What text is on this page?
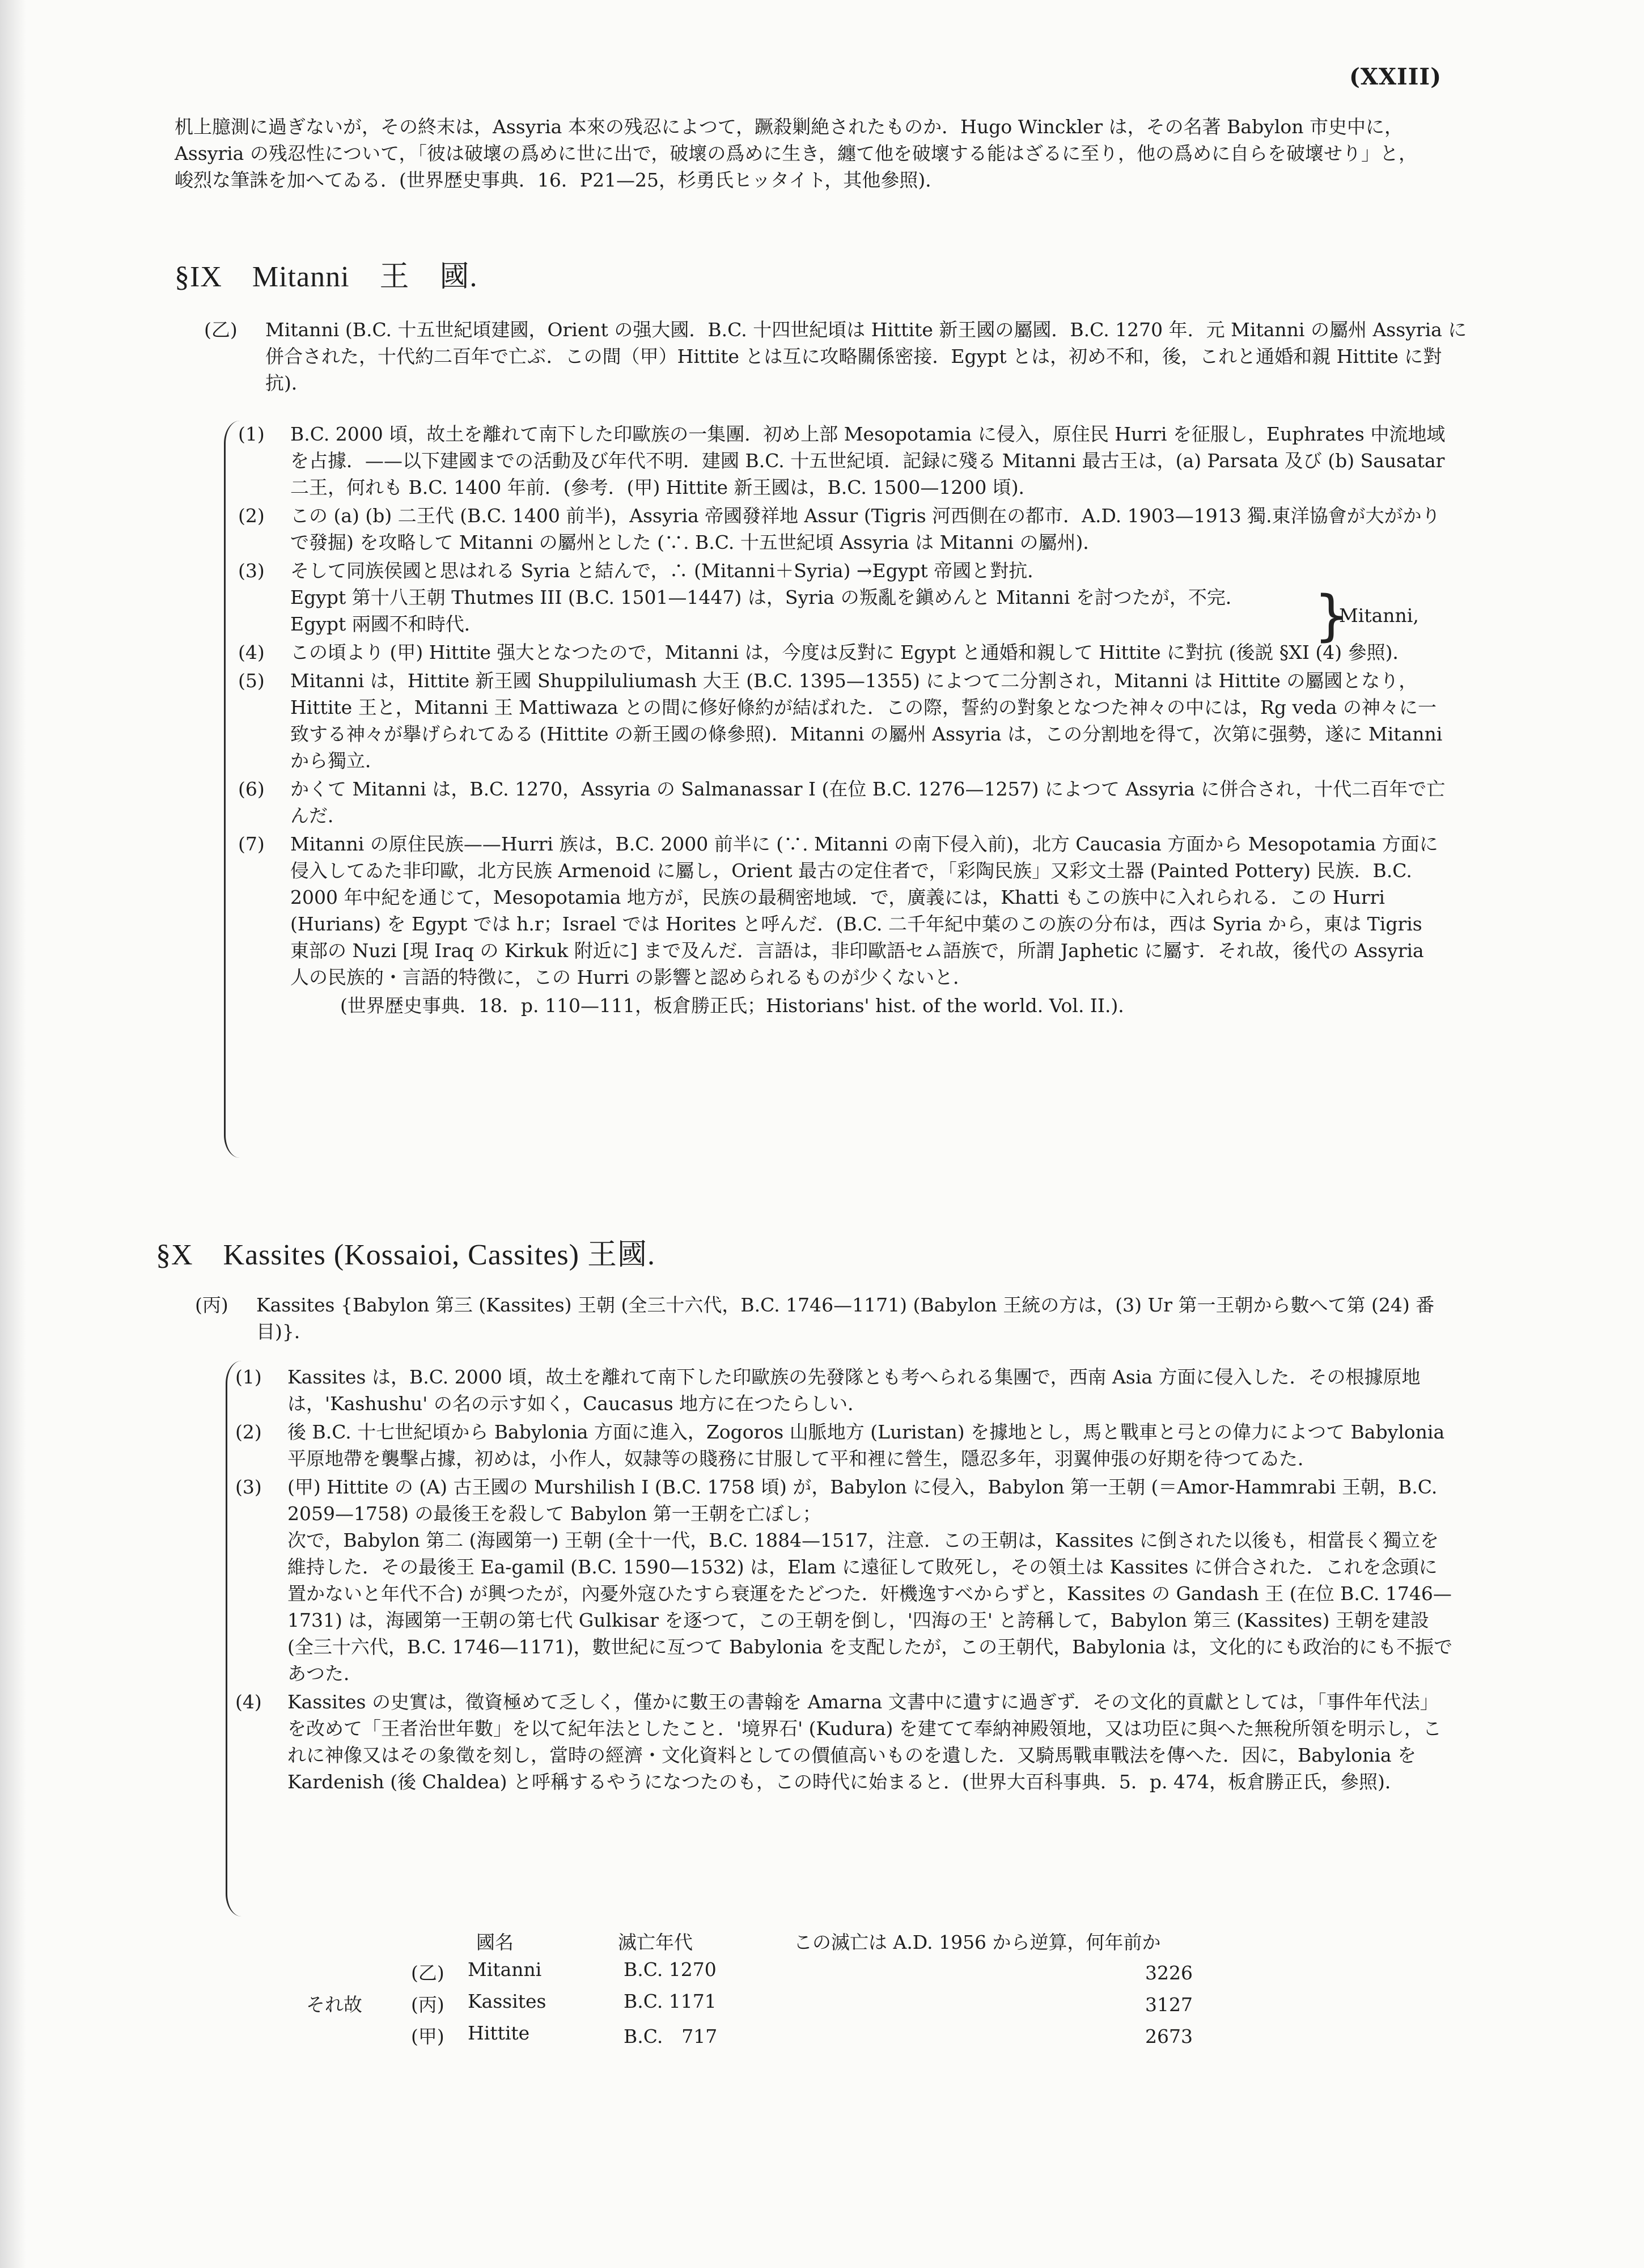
(XXIII)

机上臆測に過ぎないが，その終末は，Assyria 本來の残忍によつて，蹶殺剿絶されたものか．Hugo Winckler は，その名著 Babylon 市史中に，Assyria の残忍性について，「彼は破壞の爲めに世に出で，破壞の爲めに生き，纏て他を破壞する能はざるに至り，他の爲めに自らを破壞せり」と，峻烈な筆誅を加へてゐる．(世界歴史事典．16．P21—25，杉勇氏ヒッタイト，其他參照)．

§IX　Mitanni　王　國.
(乙) Mitanni (B.C. 十五世紀頃建國，Orient の强大國．B.C. 十四世紀頃は Hittite 新王國の屬國．B.C. 1270 年．元 Mitanni の屬州 Assyria に併合された，十代約二百年で亡ぶ．この間（甲）Hittite とは互に攻略關係密接．Egypt とは，初め不和，後，これと通婚和親 Hittite に對抗)．

(1) B.C. 2000 頃，故土を離れて南下した印歐族の一集團．初め上部 Mesopotamia に侵入，原住民 Hurri を征服し，Euphrates 中流地域を占據．——以下建國までの活動及び年代不明．建國 B.C. 十五世紀頃．記録に殘る Mitanni 最古王は，(a) Parsata 及び (b) Sausatar 二王，何れも B.C. 1400 年前．(參考．(甲) Hittite 新王國は，B.C. 1500—1200 頃)．

(2) この (a) (b) 二王代 (B.C. 1400 前半)，Assyria 帝國發祥地 Assur (Tigris 河西側在の都市．A.D. 1903—1913 獨.東洋協會が大がかりで發掘) を攻略して Mitanni の屬州とした (∵. B.C. 十五世紀頃 Assyria は Mitanni の屬州)．

(3) そして同族侯國と思はれる Syria と結んで，∴ (Mitanni＋Syria) →Egypt 帝國と對抗．
Egypt 第十八王朝 Thutmes III (B.C. 1501—1447) は，Syria の叛亂を鎭めんと Mitanni を討つたが，不完．
Egypt 兩國不和時代．

(4) この頃より (甲) Hittite 强大となつたので，Mitanni は，今度は反對に Egypt と通婚和親して Hittite に對抗 (後説 §XI (4) 參照)．

(5) Mitanni は，Hittite 新王國 Shuppiluliumash 大王 (B.C. 1395—1355) によつて二分割され，Mitanni は Hittite の屬國となり，Hittite 王と，Mitanni 王 Mattiwaza との間に修好條約が結ばれた．この際，誓約の對象となつた神々の中には，Rg veda の神々に一致する神々が擧げられてゐる (Hittite の新王國の條參照)．Mitanni の屬州 Assyria は，この分割地を得て，次第に强勢，遂に Mitanni から獨立．

(6) かくて Mitanni は，B.C. 1270，Assyria の Salmanassar I (在位 B.C. 1276—1257) によつて Assyria に併合され，十代二百年で亡んだ．

(7) Mitanni の原住民族——Hurri 族は，B.C. 2000 前半に (∵. Mitanni の南下侵入前)，北方 Caucasia 方面から Mesopotamia 方面に侵入してゐた非印歐，北方民族 Armenoid に屬し，Orient 最古の定住者で，「彩陶民族」又彩文土器 (Painted Pottery) 民族．B.C. 2000 年中紀を通じて，Mesopotamia 地方が，民族の最稠密地域．で，廣義には，Khatti もこの族中に入れられる．この Hurri (Hurians) を Egypt では h.r；Israel では Horites と呼んだ．(B.C. 二千年紀中葉のこの族の分布は，西は Syria から，東は Tigris 東部の Nuzi [現 Iraq の Kirkuk 附近に] まで及んだ．言語は，非印歐語セム語族で，所謂 Japhetic に屬す．それ故，後代の Assyria 人の民族的・言語的特徴に，この Hurri の影響と認められるものが少くないと．

(世界歴史事典．18．p. 110—111，板倉勝正氏；Historians' hist. of the world. Vol. II.)．
}
Mitanni,
§X　Kassites (Kossaioi, Cassites) 王國.
(丙) Kassites {Babylon 第三 (Kassites) 王朝 (全三十六代，B.C. 1746—1171) (Babylon 王統の方は，(3) Ur 第一王朝から數へて第 (24) 番目)}．

(1) Kassites は，B.C. 2000 頃，故土を離れて南下した印歐族の先發隊とも考へられる集團で，西南 Asia 方面に侵入した．その根據原地は，'Kashushu' の名の示す如く，Caucasus 地方に在つたらしい．

(2) 後 B.C. 十七世紀頃から Babylonia 方面に進入，Zogoros 山脈地方 (Luristan) を據地とし，馬と戰車と弓との偉力によつて Babylonia 平原地帶を襲擊占據，初めは，小作人，奴隷等の賤務に甘服して平和裡に營生，隱忍多年，羽翼伸張の好期を待つてゐた．

(3) (甲) Hittite の (A) 古王國の Murshilish I (B.C. 1758 頃) が，Babylon に侵入，Babylon 第一王朝 (＝Amor-Hammrabi 王朝，B.C. 2059—1758) の最後王を殺して Babylon 第一王朝を亡ぼし；
次で，Babylon 第二 (海國第一) 王朝 (全十一代，B.C. 1884—1517，注意．この王朝は，Kassites に倒された以後も，相當長く獨立を維持した．その最後王 Ea-gamil (B.C. 1590—1532) は，Elam に遠征して敗死し，その領土は Kassites に併合された．これを念頭に置かないと年代不合) が興つたが，內憂外寇ひたすら衰運をたどつた．奸機逸すべからずと，Kassites の Gandash 王 (在位 B.C. 1746—1731) は，海國第一王朝の第七代 Gulkisar を逐つて，この王朝を倒し，'四海の王' と誇稱して，Babylon 第三 (Kassites) 王朝を建設 (全三十六代，B.C. 1746—1171)，數世紀に亙つて Babylonia を支配したが，この王朝代，Babylonia は，文化的にも政治的にも不振であつた．

(4) Kassites の史實は，徵資極めて乏しく，僅かに數王の書翰を Amarna 文書中に遺すに過ぎず．その文化的貢獻としては，「事件年代法」を改めて「王者治世年數」を以て紀年法としたこと．'境界石' (Kudura) を建てて奉納神殿領地，又は功臣に與へた無稅所領を明示し，これに神像又はその象徵を刻し，當時の經濟・文化資料としての價値高いものを遺した．又騎馬戰車戰法を傳へた．因に，Babylonia を Kardenish (後 Chaldea) と呼稱するやうになつたのも，この時代に始まると．(世界大百科事典．5．p. 474，板倉勝正氏，參照)．

國名	滅亡年代	この滅亡は A.D. 1956 から逆算，何年前か
それ故
(乙) Mitanni	B.C. 1270	3226
(丙) Kassites	B.C. 1171	3127
(甲) Hittite	B.C.　717	2673
